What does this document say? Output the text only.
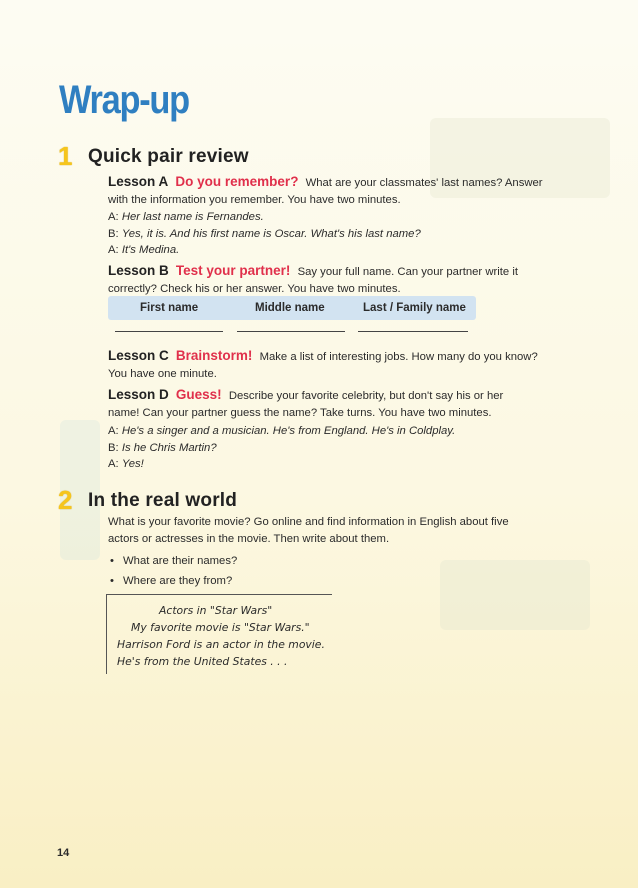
Wrap-up
1 Quick pair review
Lesson A Do you remember? What are your classmates' last names? Answer
with the information you remember. You have two minutes.
A: Her last name is Fernandes.
B: Yes, it is. And his first name is Oscar. What's his last name?
A: It's Medina.
Lesson B Test your partner! Say your full name. Can your partner write it
correctly? Check his or her answer. You have two minutes.
First name	Middle name	Last / Family name
Lesson C Brainstorm! Make a list of interesting jobs. How many do you know?
You have one minute.
Lesson D Guess! Describe your favorite celebrity, but don't say his or her
name! Can your partner guess the name? Take turns. You have two minutes.
A: He's a singer and a musician. He's from England. He's in Coldplay.
B: Is he Chris Martin?
A: Yes!
2 In the real world
What is your favorite movie? Go online and find information in English about five
actors or actresses in the movie. Then write about them.
• What are their names?
• Where are they from?
Actors in "Star Wars"
My favorite movie is "Star Wars."
Harrison Ford is an actor in the movie.
He's from the United States . . .
14
